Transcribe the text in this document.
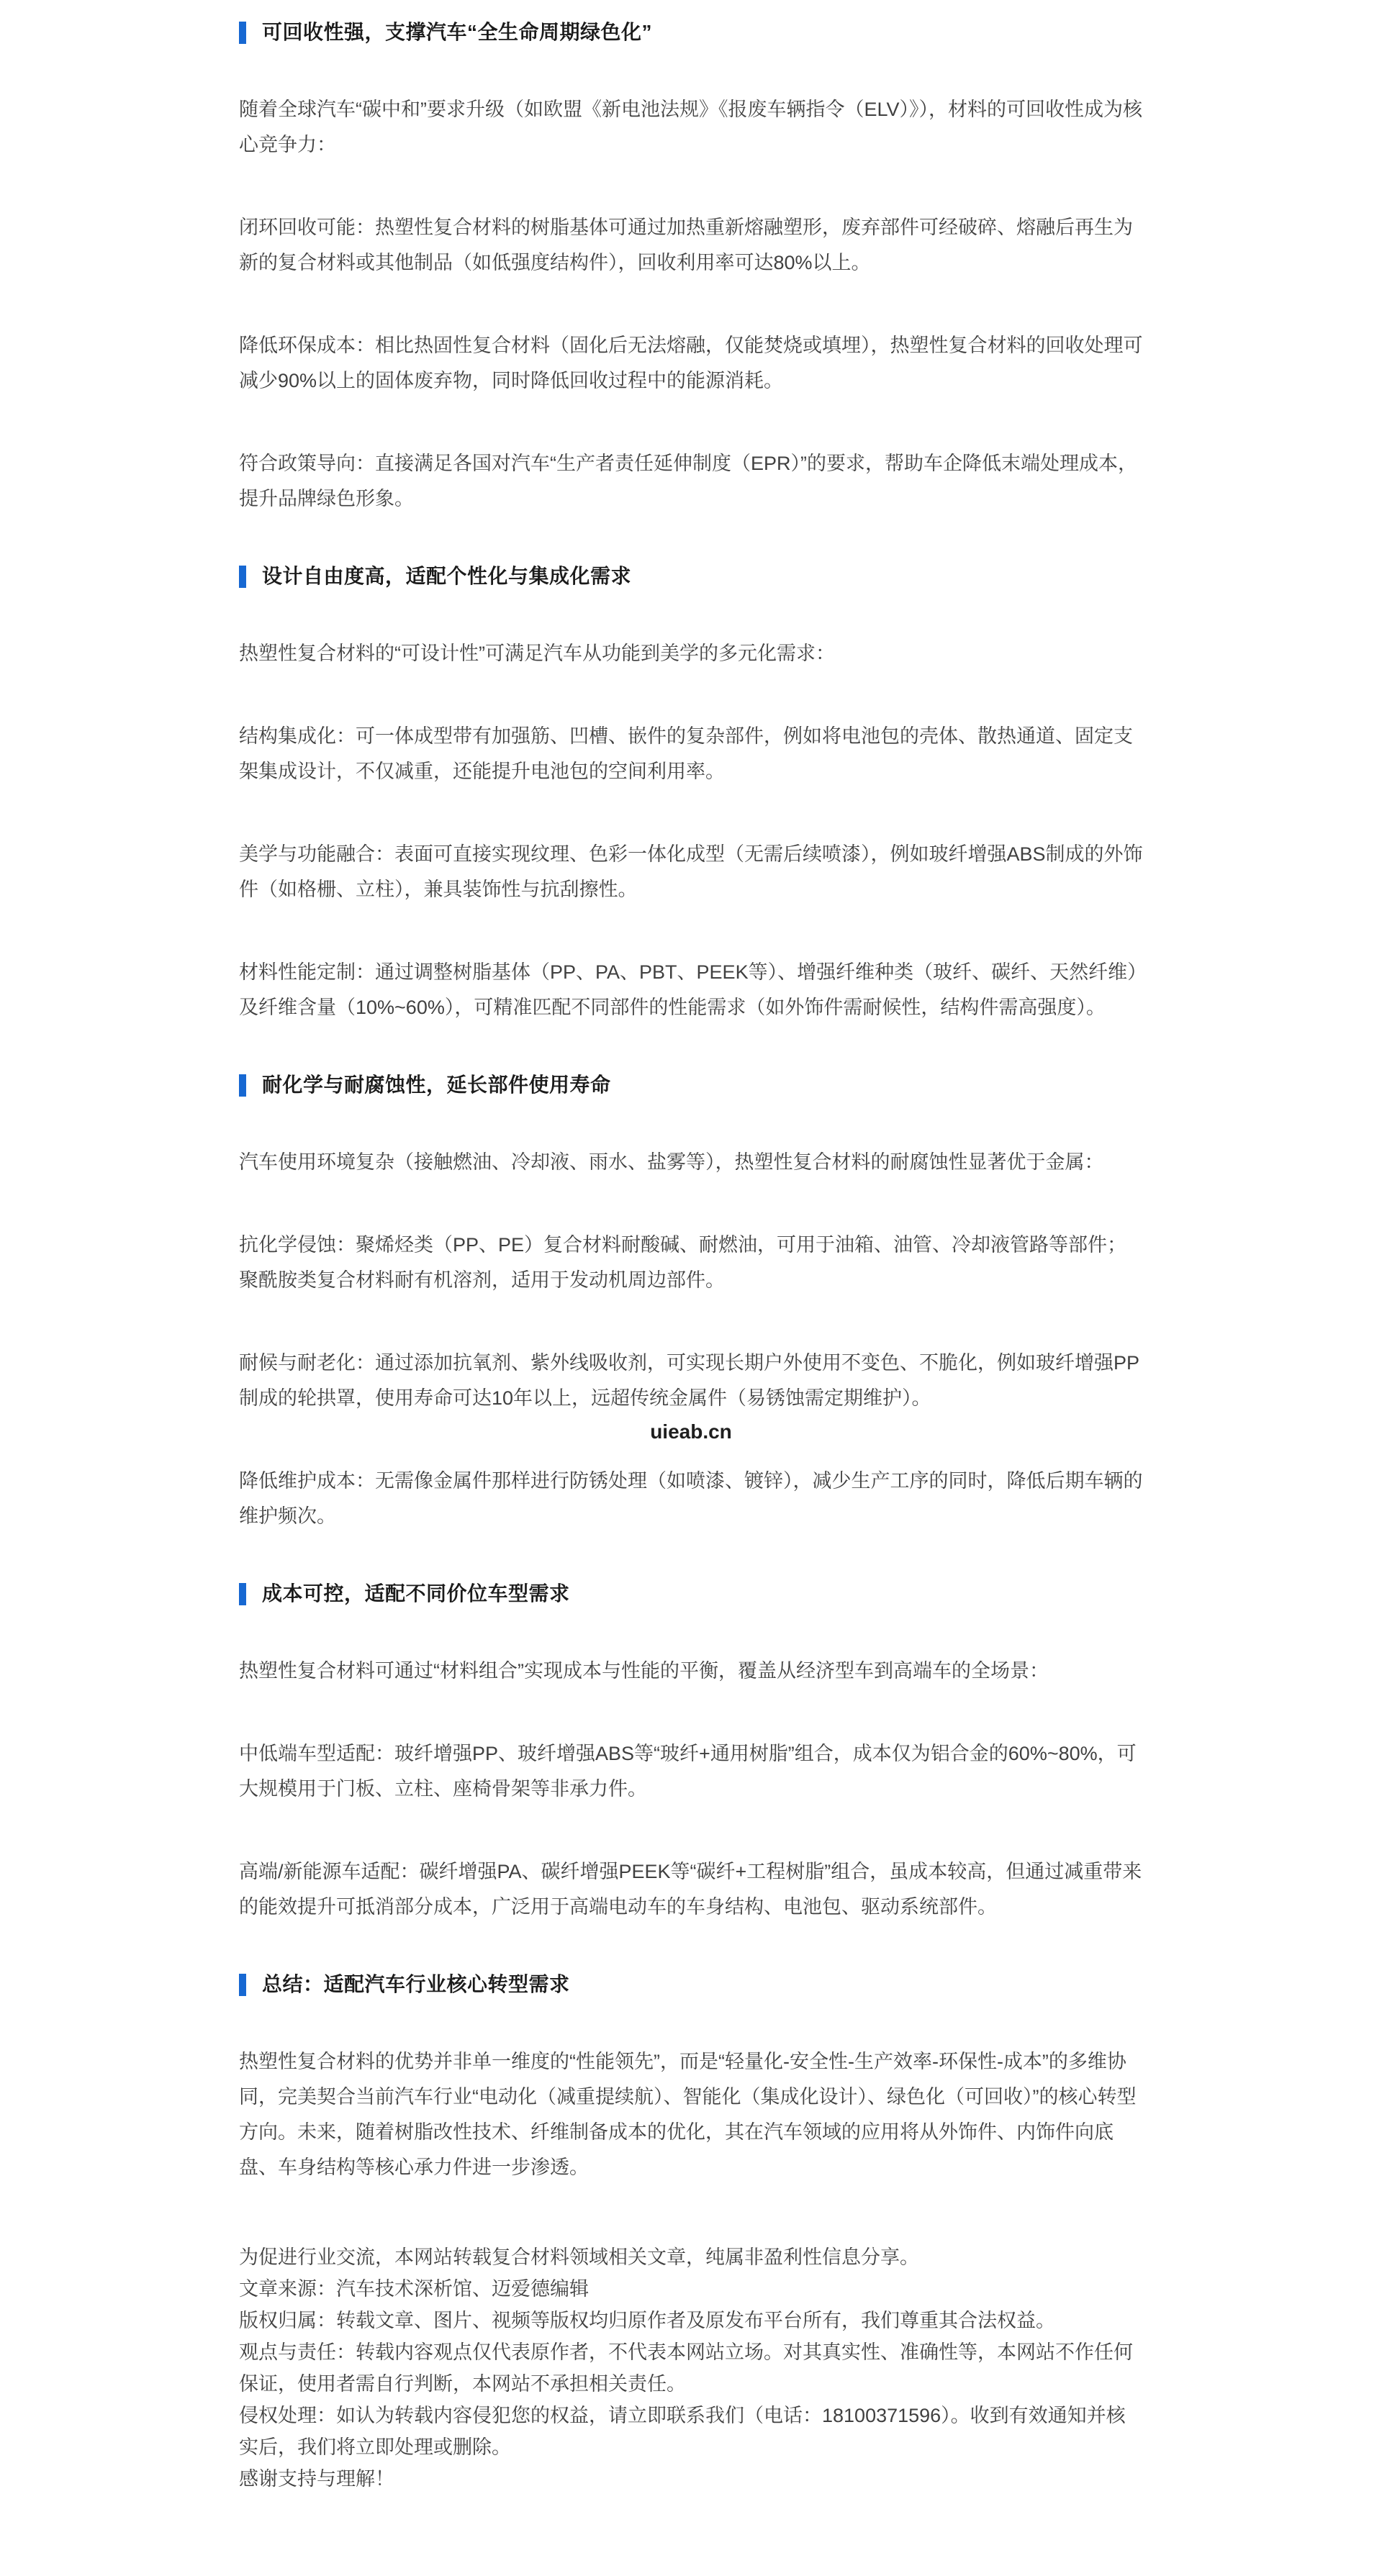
可回收性强，支撑汽车“全生命周期绿色化”

随着全球汽车“碳中和”要求升级（如欧盟《新电池法规》《报废车辆指令（ELV）》），材料的可回收性成为核心竞争力：

闭环回收可能：热塑性复合材料的树脂基体可通过加热重新熔融塑形，废弃部件可经破碎、熔融后再生为新的复合材料或其他制品（如低强度结构件），回收利用率可达80%以上。

降低环保成本：相比热固性复合材料（固化后无法熔融，仅能焚烧或填埋），热塑性复合材料的回收处理可减少90%以上的固体废弃物，同时降低回收过程中的能源消耗。

符合政策导向：直接满足各国对汽车“生产者责任延伸制度（EPR）”的要求，帮助车企降低末端处理成本，提升品牌绿色形象。

设计自由度高，适配个性化与集成化需求

热塑性复合材料的“可设计性”可满足汽车从功能到美学的多元化需求：

结构集成化：可一体成型带有加强筋、凹槽、嵌件的复杂部件，例如将电池包的壳体、散热通道、固定支架集成设计，不仅减重，还能提升电池包的空间利用率。

美学与功能融合：表面可直接实现纹理、色彩一体化成型（无需后续喷漆），例如玻纤增强ABS制成的外饰件（如格栅、立柱），兼具装饰性与抗刮擦性。

材料性能定制：通过调整树脂基体（PP、PA、PBT、PEEK等）、增强纤维种类（玻纤、碳纤、天然纤维）及纤维含量（10%~60%），可精准匹配不同部件的性能需求（如外饰件需耐候性，结构件需高强度）。

耐化学与耐腐蚀性，延长部件使用寿命

汽车使用环境复杂（接触燃油、冷却液、雨水、盐雾等），热塑性复合材料的耐腐蚀性显著优于金属：

抗化学侵蚀：聚烯烃类（PP、PE）复合材料耐酸碱、耐燃油，可用于油箱、油管、冷却液管路等部件；聚酰胺类复合材料耐有机溶剂，适用于发动机周边部件。

耐候与耐老化：通过添加抗氧剂、紫外线吸收剂，可实现长期户外使用不变色、不脆化，例如玻纤增强PP制成的轮拱罩，使用寿命可达10年以上，远超传统金属件（易锈蚀需定期维护）。

uieab.cn

降低维护成本：无需像金属件那样进行防锈处理（如喷漆、镀锌），减少生产工序的同时，降低后期车辆的维护频次。

成本可控，适配不同价位车型需求

热塑性复合材料可通过“材料组合”实现成本与性能的平衡，覆盖从经济型车到高端车的全场景：

中低端车型适配：玻纤增强PP、玻纤增强ABS等“玻纤+通用树脂”组合，成本仅为铝合金的60%~80%，可大规模用于门板、立柱、座椅骨架等非承力件。

高端/新能源车适配：碳纤增强PA、碳纤增强PEEK等“碳纤+工程树脂”组合，虽成本较高，但通过减重带来的能效提升可抵消部分成本，广泛用于高端电动车的车身结构、电池包、驱动系统部件。

总结：适配汽车行业核心转型需求

热塑性复合材料的优势并非单一维度的“性能领先”，而是“轻量化-安全性-生产效率-环保性-成本”的多维协同，完美契合当前汽车行业“电动化（减重提续航）、智能化（集成化设计）、绿色化（可回收）”的核心转型方向。未来，随着树脂改性技术、纤维制备成本的优化，其在汽车领域的应用将从外饰件、内饰件向底盘、车身结构等核心承力件进一步渗透。

为促进行业交流，本网站转载复合材料领域相关文章，纯属非盈利性信息分享。

文章来源：汽车技术深析馆、迈爱德编辑

版权归属：转载文章、图片、视频等版权均归原作者及原发布平台所有，我们尊重其合法权益。

观点与责任：转载内容观点仅代表原作者，不代表本网站立场。对其真实性、准确性等，本网站不作任何保证，使用者需自行判断，本网站不承担相关责任。

侵权处理：如认为转载内容侵犯您的权益，请立即联系我们（电话：18100371596）。收到有效通知并核实后，我们将立即处理或删除。

感谢支持与理解！
